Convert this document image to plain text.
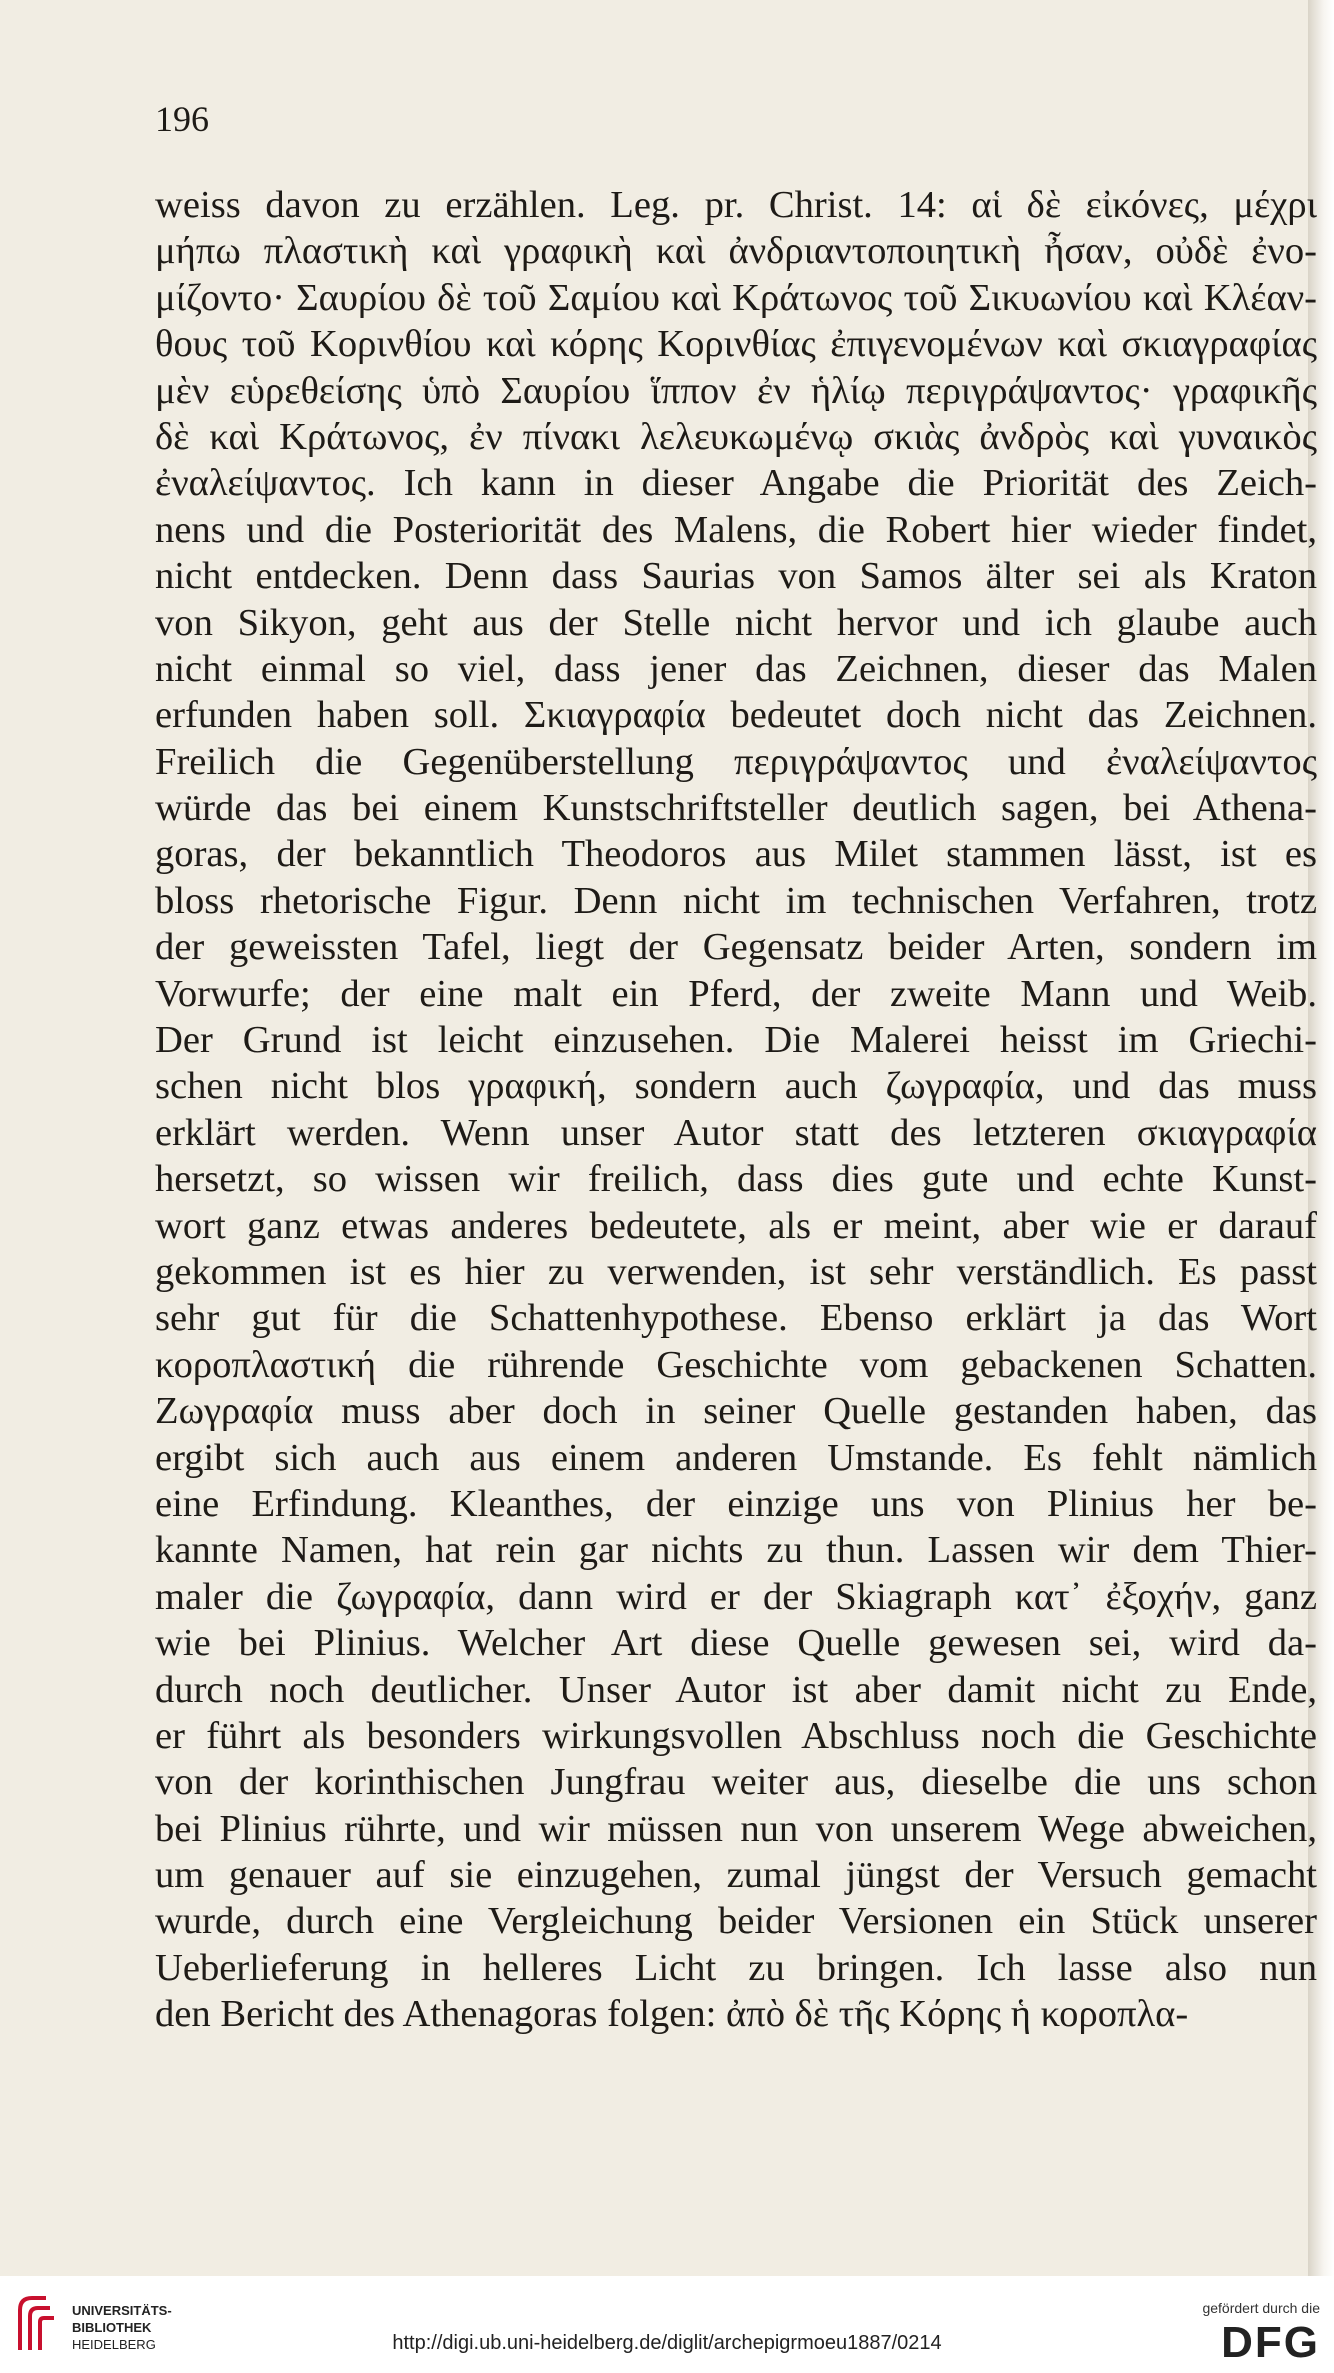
196
weiss davon zu erzählen. Leg. pr. Christ. 14: αἱ δὲ εἰκόνες, μέχρι
μήπω πλαστικὴ καὶ γραφικὴ καὶ ἀνδριαντοποιητικὴ ἦσαν, οὐδὲ ἐνο-
μίζοντο· Σαυρίου δὲ τοῦ Σαμίου καὶ Κράτωνος τοῦ Σικυωνίου καὶ Κλέαν-
θους τοῦ Κορινθίου καὶ κόρης Κορινθίας ἐπιγενομένων καὶ σκιαγραφίας
μὲν εὑρεθείσης ὑπὸ Σαυρίου ἵππον ἐν ἡλίῳ περιγράψαντος· γραφικῆς
δὲ καὶ Κράτωνος, ἐν πίνακι λελευκωμένῳ σκιὰς ἀνδρὸς καὶ γυναικὸς
ἐναλείψαντος. Ich kann in dieser Angabe die Priorität des Zeich-
nens und die Posteriorität des Malens, die Robert hier wieder findet,
nicht entdecken. Denn dass Saurias von Samos älter sei als Kraton
von Sikyon, geht aus der Stelle nicht hervor und ich glaube auch
nicht einmal so viel, dass jener das Zeichnen, dieser das Malen
erfunden haben soll. Σκιαγραφία bedeutet doch nicht das Zeichnen.
Freilich die Gegenüberstellung περιγράψαντος und ἐναλείψαντος
würde das bei einem Kunstschriftsteller deutlich sagen, bei Athena-
goras, der bekanntlich Theodoros aus Milet stammen lässt, ist es
bloss rhetorische Figur. Denn nicht im technischen Verfahren, trotz
der geweissten Tafel, liegt der Gegensatz beider Arten, sondern im
Vorwurfe; der eine malt ein Pferd, der zweite Mann und Weib.
Der Grund ist leicht einzusehen. Die Malerei heisst im Griechi-
schen nicht blos γραφική, sondern auch ζωγραφία, und das muss
erklärt werden. Wenn unser Autor statt des letzteren σκιαγραφία
hersetzt, so wissen wir freilich, dass dies gute und echte Kunst-
wort ganz etwas anderes bedeutete, als er meint, aber wie er darauf
gekommen ist es hier zu verwenden, ist sehr verständlich. Es passt
sehr gut für die Schattenhypothese. Ebenso erklärt ja das Wort
κοροπλαστική die rührende Geschichte vom gebackenen Schatten.
Ζωγραφία muss aber doch in seiner Quelle gestanden haben, das
ergibt sich auch aus einem anderen Umstande. Es fehlt nämlich
eine Erfindung. Kleanthes, der einzige uns von Plinius her be-
kannte Namen, hat rein gar nichts zu thun. Lassen wir dem Thier-
maler die ζωγραφία, dann wird er der Skiagraph κατ᾽ ἐξοχήν, ganz
wie bei Plinius. Welcher Art diese Quelle gewesen sei, wird da-
durch noch deutlicher. Unser Autor ist aber damit nicht zu Ende,
er führt als besonders wirkungsvollen Abschluss noch die Geschichte
von der korinthischen Jungfrau weiter aus, dieselbe die uns schon
bei Plinius rührte, und wir müssen nun von unserem Wege abweichen,
um genauer auf sie einzugehen, zumal jüngst der Versuch gemacht
wurde, durch eine Vergleichung beider Versionen ein Stück unserer
Ueberlieferung in helleres Licht zu bringen. Ich lasse also nun
den Bericht des Athenagoras folgen: ἀπὸ δὲ τῆς Κόρης ἡ κοροπλα-
UNIVERSITÄTS-
BIBLIOTHEK
HEIDELBERG	http://digi.ub.uni-heidelberg.de/diglit/archepigrmoeu1887/0214
gefördert durch die
DFG
